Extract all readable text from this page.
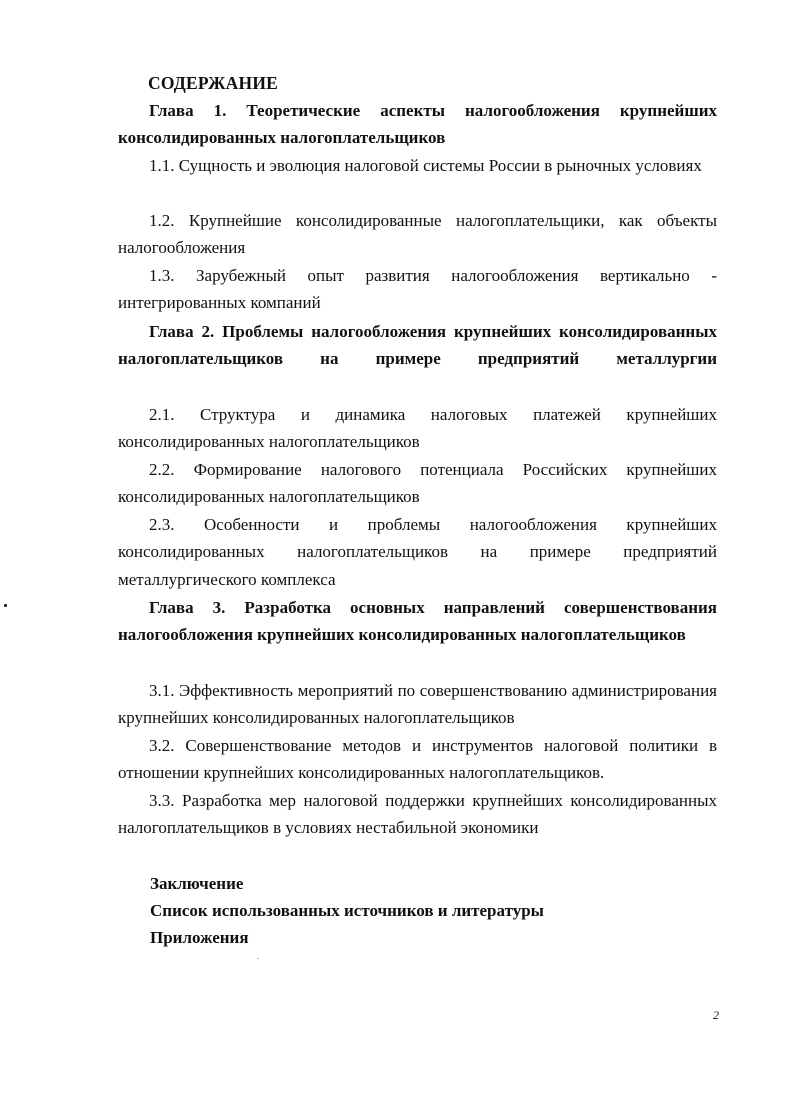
СОДЕРЖАНИЕ
Глава 1. Теоретические аспекты налогообложения крупнейших консолидированных налогоплательщиков
1.1. Сущность и эволюция налоговой системы России в рыночных условиях
1.2. Крупнейшие консолидированные налогоплательщики, как объекты налогообложения
1.3. Зарубежный опыт развития налогообложения вертикально - интегрированных компаний
Глава 2. Проблемы налогообложения крупнейших консолидированных налогоплательщиков на примере предприятий металлургии
2.1. Структура и динамика налоговых платежей крупнейших консолидированных налогоплательщиков
2.2. Формирование налогового потенциала Российских крупнейших консолидированных налогоплательщиков
2.3. Особенности и проблемы налогообложения крупнейших консолидированных налогоплательщиков на примере предприятий металлургического комплекса
Глава 3. Разработка основных направлений совершенствования налогообложения крупнейших консолидированных налогоплательщиков
3.1. Эффективность мероприятий по совершенствованию администрирования крупнейших консолидированных налогоплательщиков
3.2. Совершенствование методов и инструментов налоговой политики в отношении крупнейших консолидированных налогоплательщиков.
3.3. Разработка мер налоговой поддержки крупнейших консолидированных налогоплательщиков в условиях нестабильной экономики
Заключение
Список использованных источников и литературы
Приложения
2
